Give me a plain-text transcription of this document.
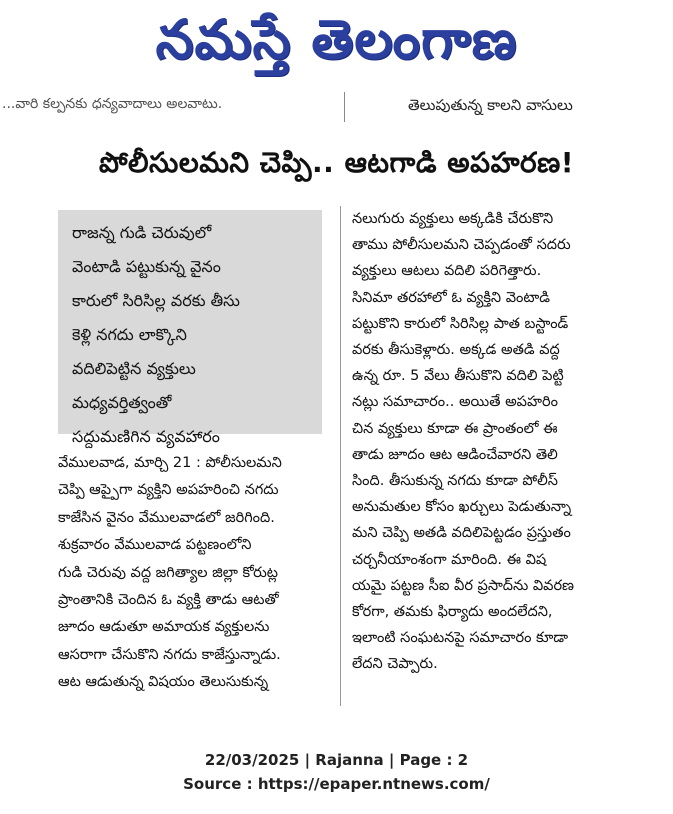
నమస్తే తెలంగాణ
...వారి కల్పనకు ధన్యవాదాలు అలవాటు.	తెలుపుతున్న కాలని వాసులు
పోలీసులమని చెప్పి.. ఆటగాడి అపహరణ!
రాజన్న గుడి చెరువులో
వెంటాడి పట్టుకున్న వైనం
కారులో సిరిసిల్ల వరకు తీసు
కెళ్లి నగదు లాక్కొని
వదిలిపెట్టిన వ్యక్తులు
మధ్యవర్తిత్వంతో
సద్దుమణిగిన వ్యవహారం

వేములవాడ, మార్చి 21 : పోలీసులమని

చెప్పి ఆప్పైగా వ్యక్తిని అపహరించి నగదు

కాజేసిన వైనం వేములవాడలో జరిగింది.

శుక్రవారం వేములవాడ పట్టణంలోని

గుడి చెరువు వద్ద జగిత్యాల జిల్లా కోరుట్ల

ప్రాంతానికి చెందిన ఓ వ్యక్తి తాడు ఆటతో

జూదం ఆడుతూ అమాయక వ్యక్తులను

ఆసరాగా చేసుకొని నగదు కాజేస్తున్నాడు.

ఆట ఆడుతున్న విషయం తెలుసుకున్న

నలుగురు వ్యక్తులు అక్కడికి చేరుకొని

తాము పోలీసులమని చెప్పడంతో సదరు

వ్యక్తులు ఆటలు వదిలి పరిగెత్తారు.

సినిమా తరహాలో ఓ వ్యక్తిని వెంటాడి

పట్టుకొని కారులో సిరిసిల్ల పాత బస్టాండ్

వరకు తీసుకెళ్లారు. అక్కడ అతడి వద్ద

ఉన్న రూ. 5 వేలు తీసుకొని వదిలి పెట్టి

నట్లు సమాచారం.. అయితే అపహరిం

చిన వ్యక్తులు కూడా ఈ ప్రాంతంలో ఈ

తాడు జూదం ఆట ఆడించేవారని తెలి

సింది. తీసుకున్న నగదు కూడా పోలీస్

అనుమతుల కోసం ఖర్చులు పెడుతున్నా

మని చెప్పి అతడి వదిలిపెట్టడం ప్రస్తుతం

చర్చనీయాంశంగా మారింది. ఈ విష

యమై పట్టణ సీఐ వీర ప్రసాద్‌ను వివరణ

కోరగా, తమకు ఫిర్యాదు అందలేదని,

ఇలాంటి సంఘటనపై సమాచారం కూడా

లేదని చెప్పారు.

22/03/2025 | Rajanna | Page : 2
Source : https://epaper.ntnews.com/
